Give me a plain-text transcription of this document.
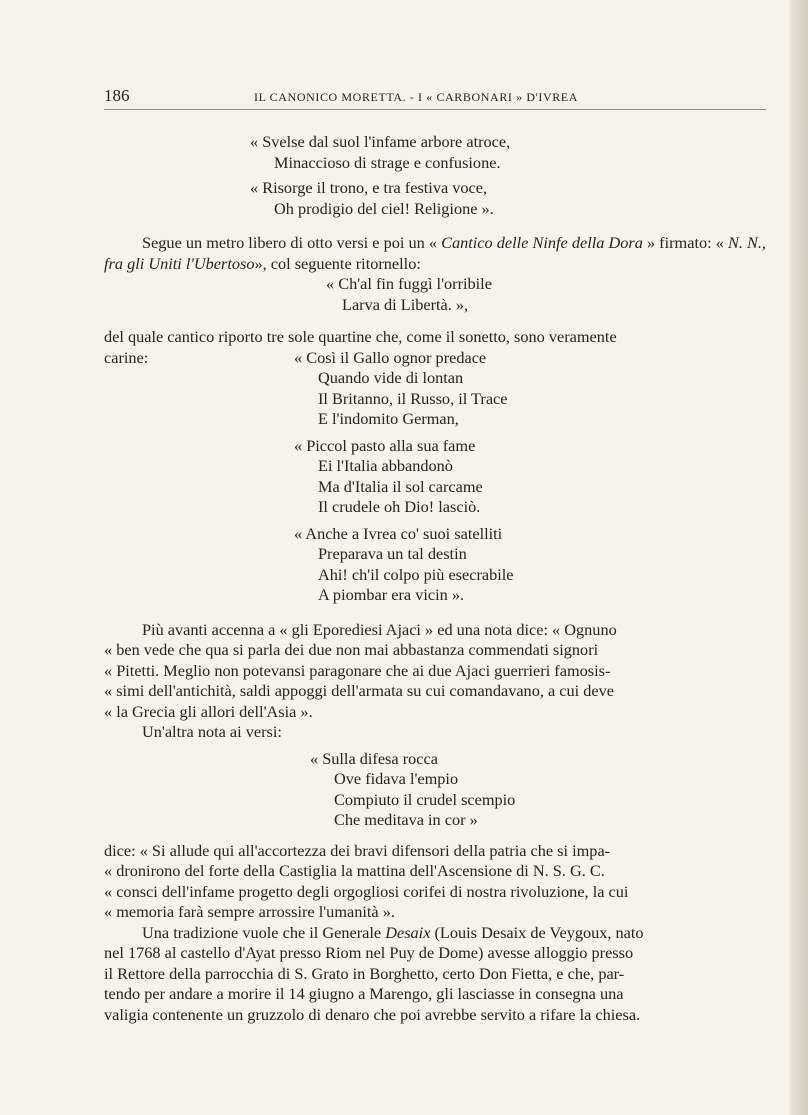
186	IL CANONICO MORETTA. - I « CARBONARI » D'IVREA
« Svelse dal suol l'infame arbore atroce,
Minaccioso di strage e confusione.
« Risorge il trono, e tra festiva voce,
Oh prodigio del ciel! Religione ».

Segue un metro libero di otto versi e poi un « Cantico delle Ninfe della Dora » firmato: « N. N., fra gli Uniti l'Ubertoso», col seguente ritornello:

« Ch'al fin fuggì l'orribile
Larva di Libertà. »,
del quale cantico riporto tre sole quartine che, come il sonetto, sono veramente
carine:	« Così il Gallo ognor predace
Quando vide di lontan
Il Britanno, il Russo, il Trace
E l'indomito German,
« Piccol pasto alla sua fame
Ei l'Italia abbandonò
Ma d'Italia il sol carcame
Il crudele oh Dio! lasciò.
« Anche a Ivrea co' suoi satelliti
Preparava un tal destin
Ahi! ch'il colpo più esecrabile
A piombar era vicin ».
Più avanti accenna a « gli Eporediesi Ajaci » ed una nota dice: « Ognuno
« ben vede che qua si parla dei due non mai abbastanza commendati signori
« Pitetti. Meglio non potevansi paragonare che ai due Ajaci guerrieri famosis-
« simi dell'antichità, saldi appoggi dell'armata su cui comandavano, a cui deve
« la Grecia gli allori dell'Asia ».
Un'altra nota ai versi:
« Sulla difesa rocca
Ove fidava l'empio
Compiuto il crudel scempio
Che meditava in cor »
dice: « Si allude qui all'accortezza dei bravi difensori della patria che si impa-
« dronirono del forte della Castiglia la mattina dell'Ascensione di N. S. G. C.
« consci dell'infame progetto degli orgogliosi corifei di nostra rivoluzione, la cui
« memoria farà sempre arrossire l'umanità ».
Una tradizione vuole che il Generale Desaix (Louis Desaix de Veygoux, nato
nel 1768 al castello d'Ayat presso Riom nel Puy de Dome) avesse alloggio presso
il Rettore della parrocchia di S. Grato in Borghetto, certo Don Fietta, e che, par-
tendo per andare a morire il 14 giugno a Marengo, gli lasciasse in consegna una
valigia contenente un gruzzolo di denaro che poi avrebbe servito a rifare la chiesa.
